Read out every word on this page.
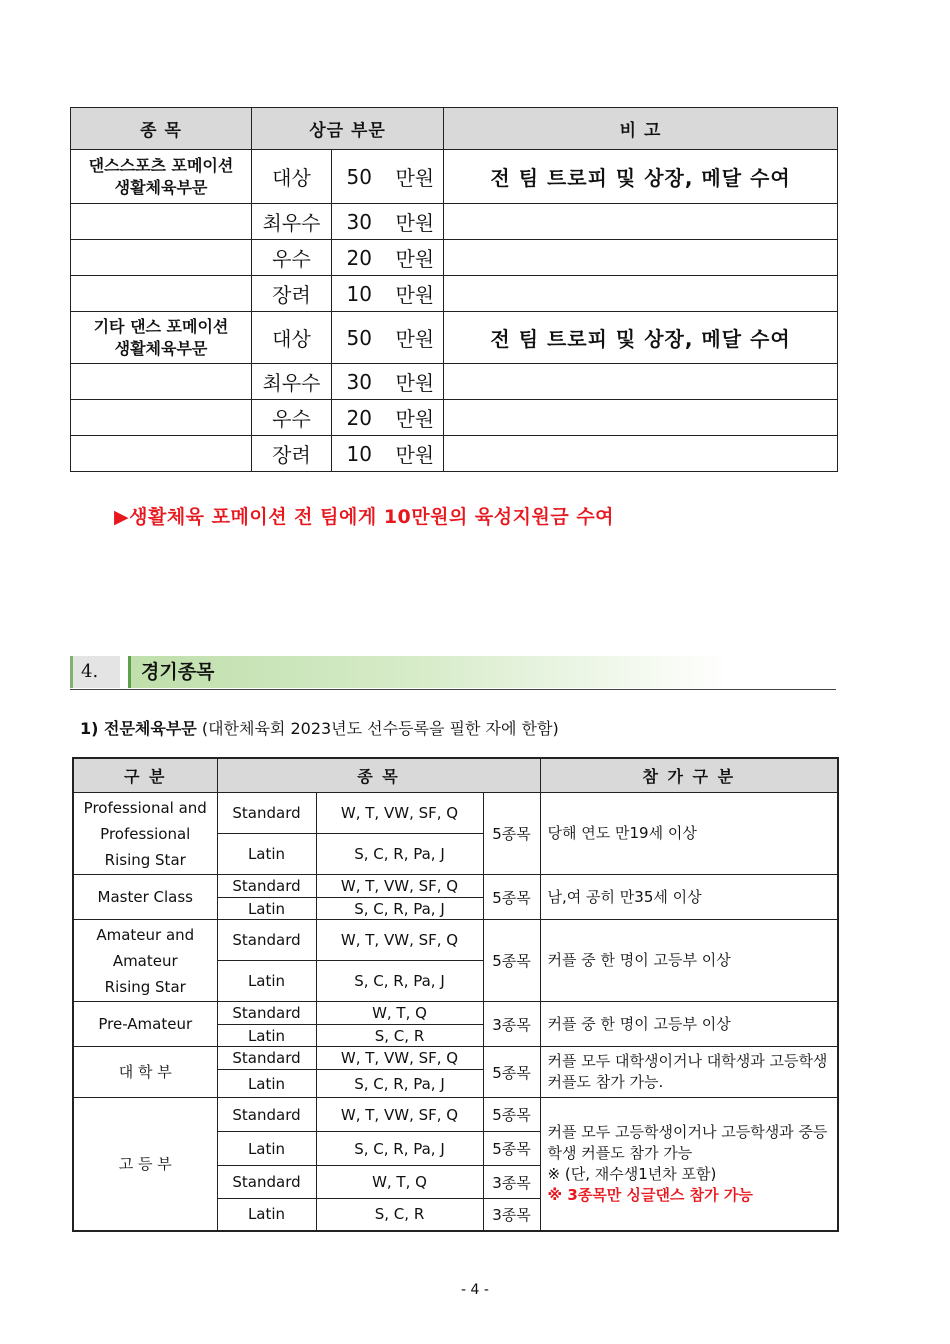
종 목	상금 부문			비 고

댄스스포츠 포메이션
생활체육부문	대상	50	만원	전 팀 트로피 및 상장, 메달 수여
	최우수	30	만원	
	우수	20	만원	
	장려	10	만원	

기타 댄스 포메이션
생활체육부문	대상	50	만원	전 팀 트로피 및 상장, 메달 수여
	최우수	30	만원	
	우수	20	만원	
	장려	10	만원	
▶생활체육 포메이션 전 팀에게 10만원의 육성지원금 수여
4.	경기종목
1) 전문체육부문 (대한체육회 2023년도 선수등록을 필한 자에 한함)
구 분	종 목			참 가 구 분

Professional and
Professional
Rising Star	Standard	W, T, VW, SF, Q	5종목	당해 연도 만19세 이상
	Latin	S, C, R, Pa, J		

Master Class	Standard	W, T, VW, SF, Q	5종목	남,여 공히 만35세 이상
	Latin	S, C, R, Pa, J		

Amateur and
Amateur
Rising Star	Standard	W, T, VW, SF, Q	5종목	커플 중 한 명이 고등부 이상
	Latin	S, C, R, Pa, J		

Pre-Amateur	Standard	W, T, Q	3종목	커플 중 한 명이 고등부 이상
	Latin	S, C, R		

대 학 부	Standard	W, T, VW, SF, Q	5종목	커플 모두 대학생이거나 대학생과 고등학생 커플도 참가 가능.
	Latin	S, C, R, Pa, J		
고 등 부	Standard	W, T, VW, SF, Q	5종목	커플 모두 고등학생이거나 고등학생과 중등
학생 커플도 참가 가능
※ (단, 재수생1년차 포함)
※ 3종목만 싱글댄스 참가 가능

	Latin	S, C, R, Pa, J	5종목	
	Standard	W, T, Q	3종목	
	Latin	S, C, R	3종목	
- 4 -
